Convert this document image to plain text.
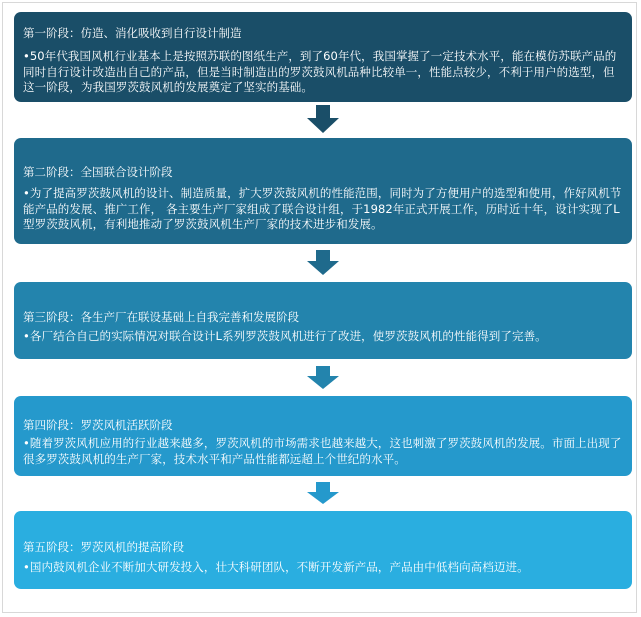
第一阶段：仿造、消化吸收到自行设计制造
•50年代我国风机行业基本上是按照苏联的图纸生产，到了60年代，我国掌握了一定技术水平，能在模仿苏联产品的同时自行设计改造出自己的产品，但是当时制造出的罗茨鼓风机品种比较单一，性能点较少，不利于用户的选型，但这一阶段，为我国罗茨鼓风机的发展奠定了坚实的基础。
第二阶段：全国联合设计阶段
•为了提高罗茨鼓风机的设计、制造质量，扩大罗茨鼓风机的性能范围，同时为了方便用户的选型和使用，作好风机节能产品的发展、推广工作， 各主要生产厂家组成了联合设计组，于1982年正式开展工作，历时近十年，设计实现了L型罗茨鼓风机，有利地推动了罗茨鼓风机生产厂家的技术进步和发展。
第三阶段：各生产厂在联设基础上自我完善和发展阶段
•各厂结合自己的实际情况对联合设计L系列罗茨鼓风机进行了改进，使罗茨鼓风机的性能得到了完善。
第四阶段：罗茨风机活跃阶段
•随着罗茨风机应用的行业越来越多，罗茨风机的市场需求也越来越大，这也刺激了罗茨鼓风机的发展。市面上出现了很多罗茨鼓风机的生产厂家，技术水平和产品性能都远超上个世纪的水平。
第五阶段：罗茨风机的提高阶段
•国内鼓风机企业不断加大研发投入，壮大科研团队，不断开发新产品，产品由中低档向高档迈进。
